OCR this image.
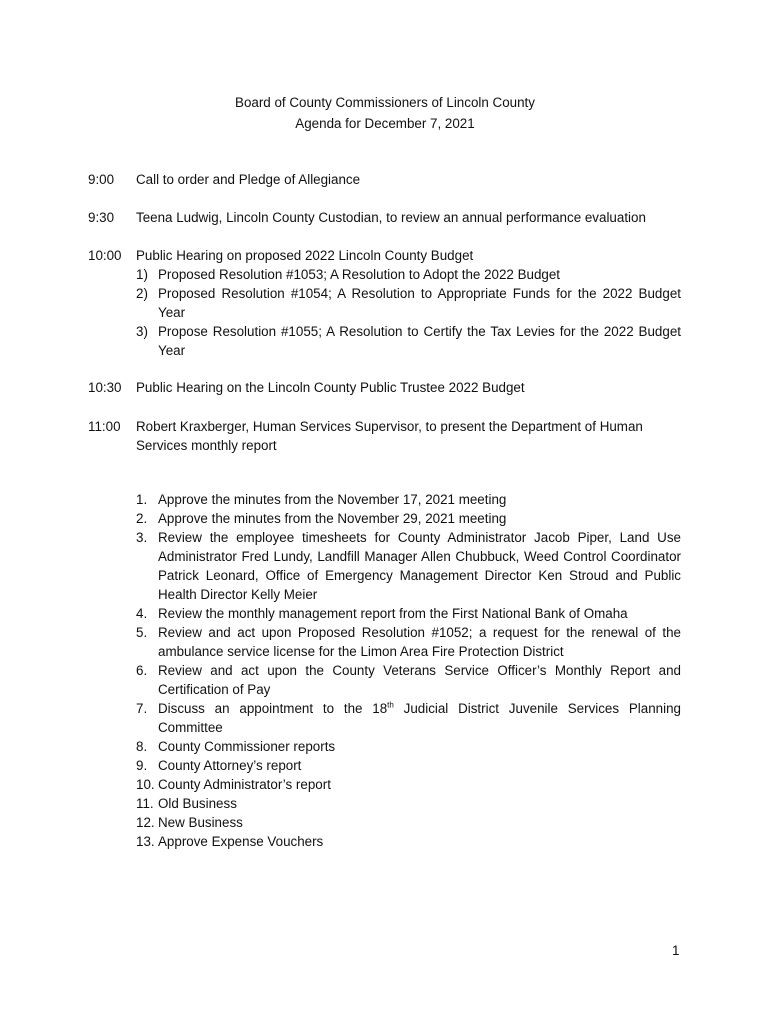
Board of County Commissioners of Lincoln County
Agenda for December 7, 2021
9:00	Call to order and Pledge of Allegiance
9:30	Teena Ludwig, Lincoln County Custodian, to review an annual performance evaluation
10:00	Public Hearing on proposed 2022 Lincoln County Budget
1) Proposed Resolution #1053; A Resolution to Adopt the 2022 Budget
2) Proposed Resolution #1054; A Resolution to Appropriate Funds for the 2022 Budget Year
3) Propose Resolution #1055; A Resolution to Certify the Tax Levies for the 2022 Budget Year
10:30	Public Hearing on the Lincoln County Public Trustee 2022 Budget
11:00	Robert Kraxberger, Human Services Supervisor, to present the Department of Human Services monthly report
1. Approve the minutes from the November 17, 2021 meeting
2. Approve the minutes from the November 29, 2021 meeting
3. Review the employee timesheets for County Administrator Jacob Piper, Land Use Administrator Fred Lundy, Landfill Manager Allen Chubbuck, Weed Control Coordinator Patrick Leonard, Office of Emergency Management Director Ken Stroud and Public Health Director Kelly Meier
4. Review the monthly management report from the First National Bank of Omaha
5. Review and act upon Proposed Resolution #1052; a request for the renewal of the ambulance service license for the Limon Area Fire Protection District
6. Review and act upon the County Veterans Service Officer’s Monthly Report and Certification of Pay
7. Discuss an appointment to the 18th Judicial District Juvenile Services Planning Committee
8. County Commissioner reports
9. County Attorney’s report
10. County Administrator’s report
11. Old Business
12. New Business
13. Approve Expense Vouchers
1
